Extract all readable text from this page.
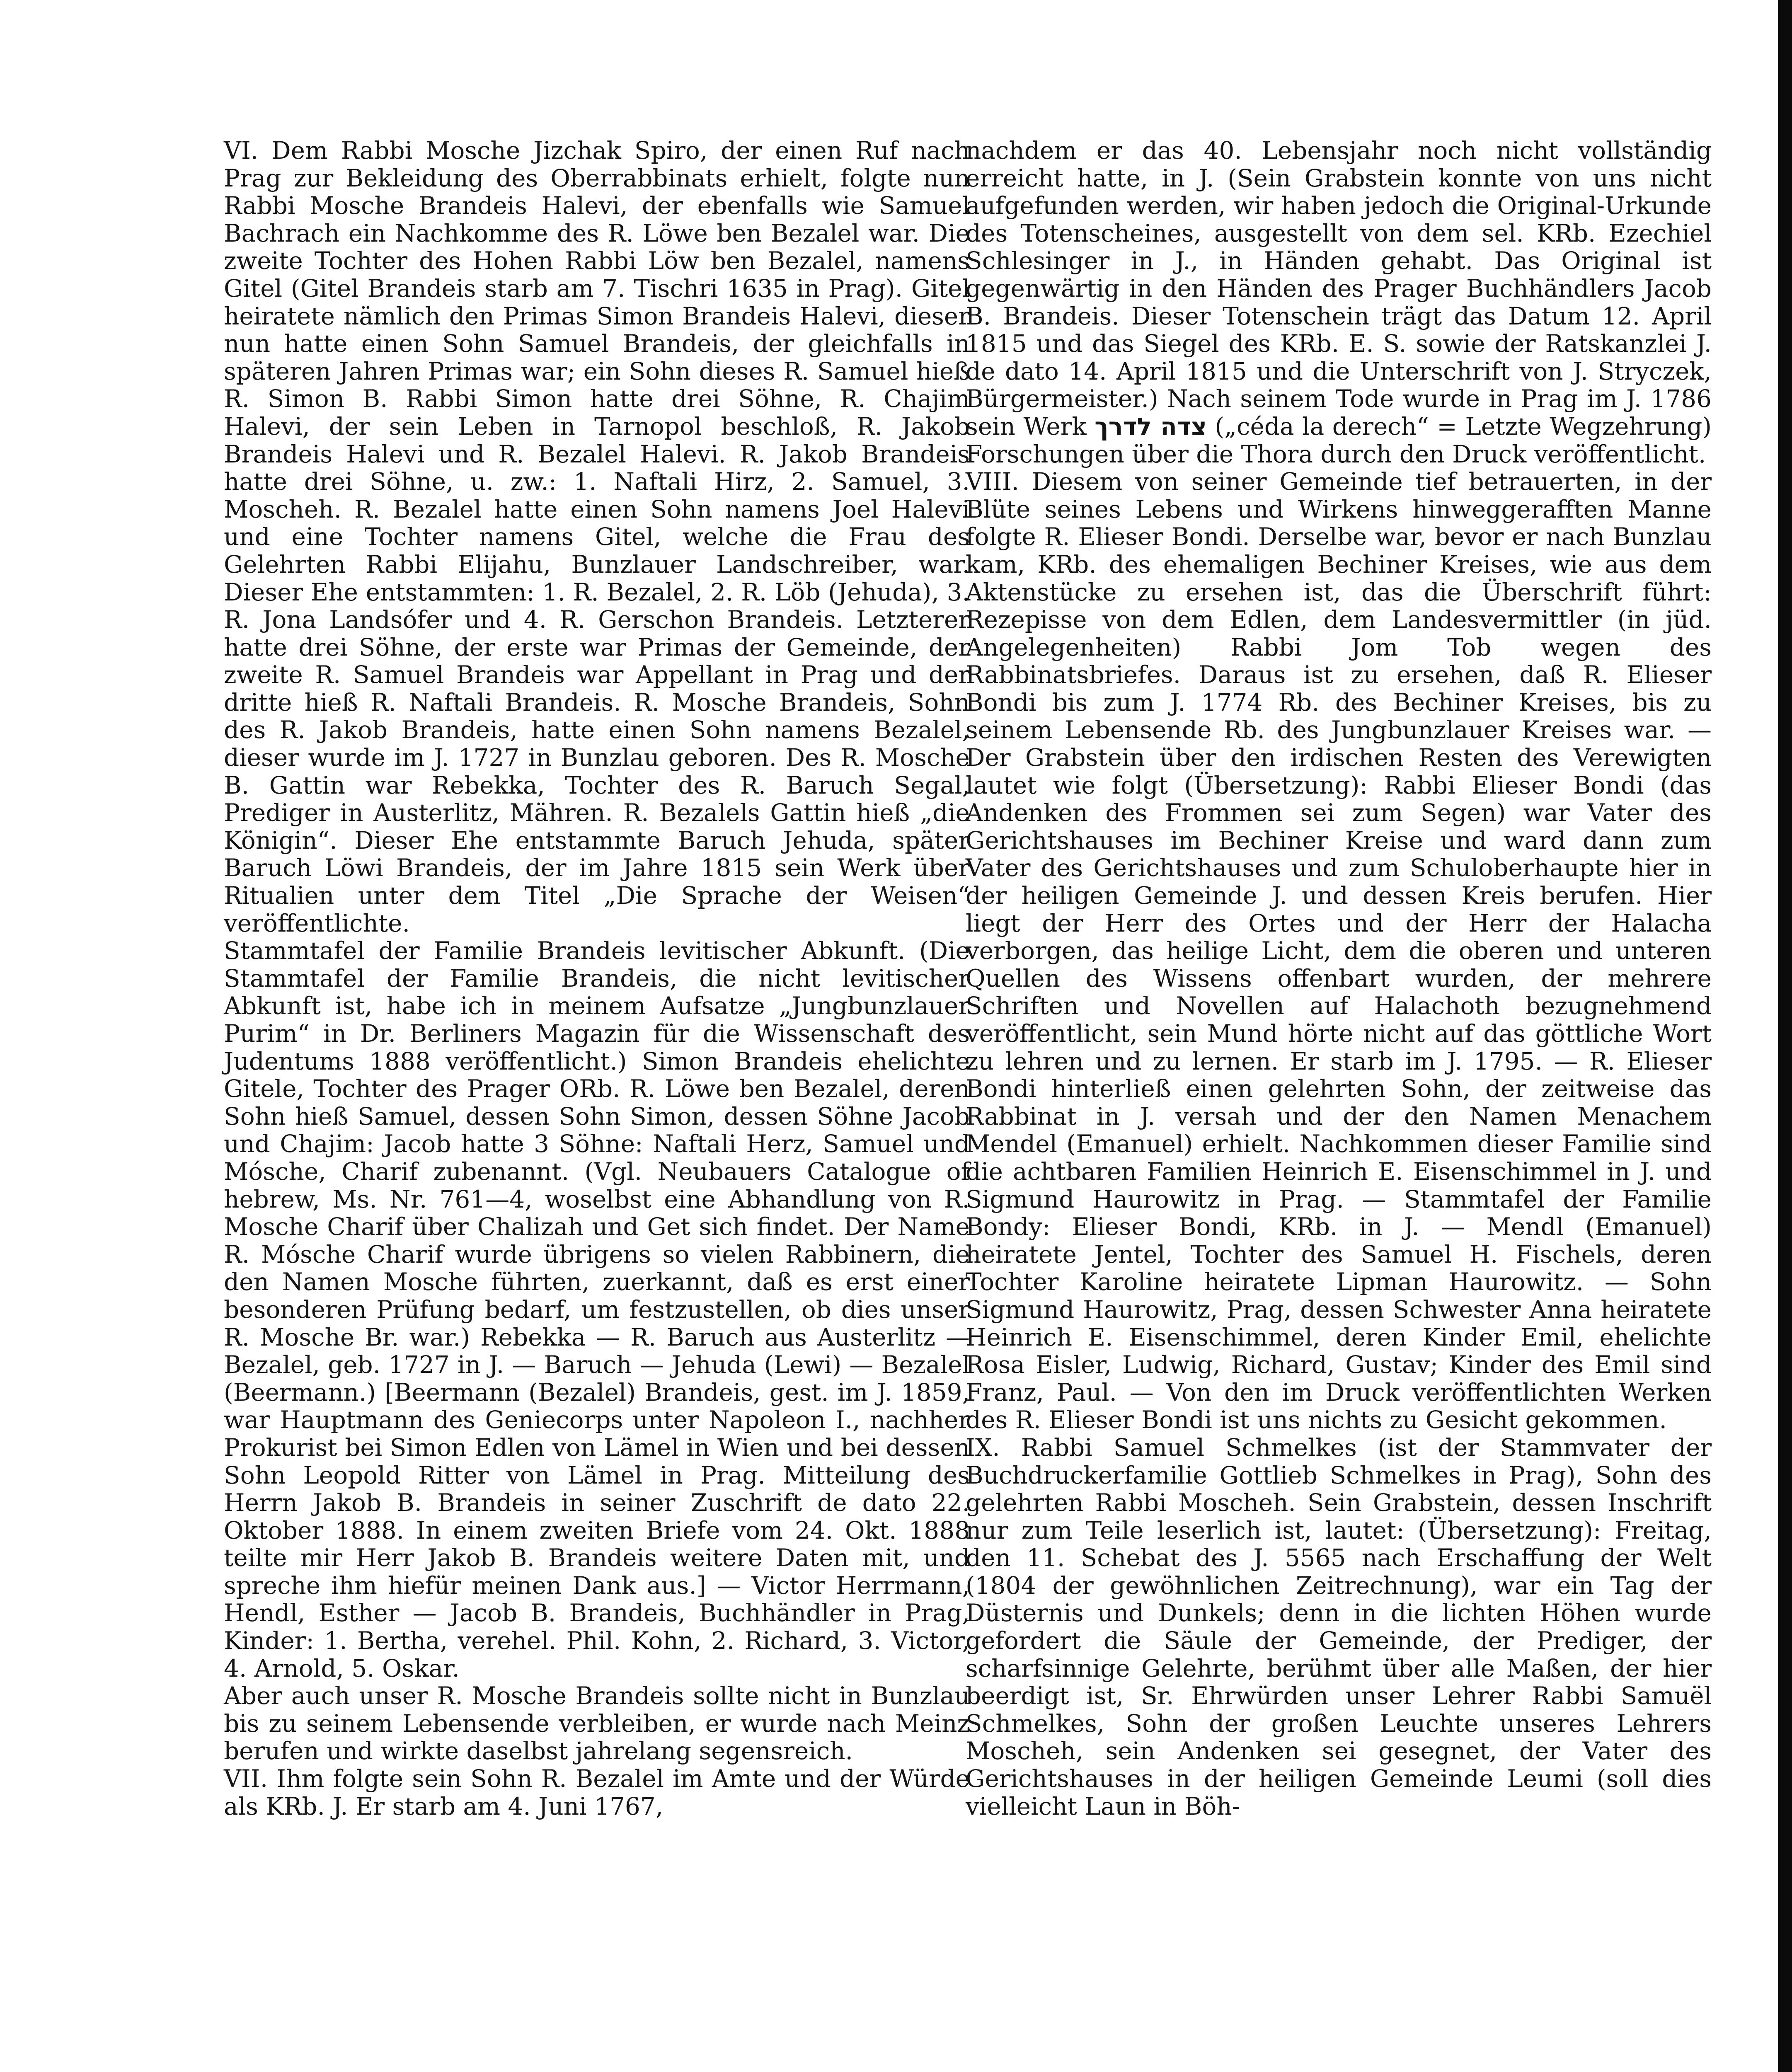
VI. Dem Rabbi Mosche Jizchak Spiro, der einen Ruf nach Prag zur Bekleidung des Oberrabbinats erhielt, folgte nun Rabbi Mosche Brandeis Halevi, der ebenfalls wie Samuel Bachrach ein Nachkomme des R. Löwe ben Bezalel war. Die zweite Tochter des Hohen Rabbi Löw ben Bezalel, namens Gitel (Gitel Brandeis starb am 7. Tischri 1635 in Prag). Gitel heiratete nämlich den Primas Simon Brandeis Halevi, dieser nun hatte einen Sohn Samuel Brandeis, der gleichfalls in späteren Jahren Primas war; ein Sohn dieses R. Samuel hieß R. Simon B. Rabbi Simon hatte drei Söhne, R. Chajim Halevi, der sein Leben in Tarnopol beschloß, R. Jakob Brandeis Halevi und R. Bezalel Halevi. R. Jakob Brandeis hatte drei Söhne, u. zw.: 1. Naftali Hirz, 2. Samuel, 3. Moscheh. R. Bezalel hatte einen Sohn namens Joel Halevi und eine Tochter namens Gitel, welche die Frau des Gelehrten Rabbi Elijahu, Bunzlauer Landschreiber, war. Dieser Ehe entstammten: 1. R. Bezalel, 2. R. Löb (Jehuda), 3. R. Jona Landsófer und 4. R. Gerschon Brandeis. Letzterer hatte drei Söhne, der erste war Primas der Gemeinde, der zweite R. Samuel Brandeis war Appellant in Prag und der dritte hieß R. Naftali Brandeis. R. Mosche Brandeis, Sohn des R. Jakob Brandeis, hatte einen Sohn namens Bezalel, dieser wurde im J. 1727 in Bunzlau geboren. Des R. Mosche B. Gattin war Rebekka, Tochter des R. Baruch Segal, Prediger in Austerlitz, Mähren. R. Bezalels Gattin hieß „die Königin“. Dieser Ehe entstammte Baruch Jehuda, später Baruch Löwi Brandeis, der im Jahre 1815 sein Werk über Ritualien unter dem Titel „Die Sprache der Weisen“ veröffentlichte.

Stammtafel der Familie Brandeis levitischer Abkunft. (Die Stammtafel der Familie Brandeis, die nicht levitischer Abkunft ist, habe ich in meinem Aufsatze „Jungbunzlauer Purim“ in Dr. Berliners Magazin für die Wissenschaft des Judentums 1888 veröffentlicht.) Simon Brandeis ehelichte Gitele, Tochter des Prager ORb. R. Löwe ben Bezalel, deren Sohn hieß Samuel, dessen Sohn Simon, dessen Söhne Jacob und Chajim: Jacob hatte 3 Söhne: Naftali Herz, Samuel und Mósche, Charif zubenannt. (Vgl. Neubauers Catalogue of hebrew, Ms. Nr. 761—4, woselbst eine Abhandlung von R. Mosche Charif über Chalizah und Get sich findet. Der Name R. Mósche Charif wurde übrigens so vielen Rabbinern, die den Namen Mosche führten, zuerkannt, daß es erst einer besonderen Prüfung bedarf, um festzustellen, ob dies unser R. Mosche Br. war.) Rebekka — R. Baruch aus Austerlitz — Bezalel, geb. 1727 in J. — Baruch — Jehuda (Lewi) — Bezalel (Beermann.) [Beermann (Bezalel) Brandeis, gest. im J. 1859, war Hauptmann des Geniecorps unter Napoleon I., nachher Prokurist bei Simon Edlen von Lämel in Wien und bei dessen Sohn Leopold Ritter von Lämel in Prag. Mitteilung des Herrn Jakob B. Brandeis in seiner Zuschrift de dato 22. Oktober 1888. In einem zweiten Briefe vom 24. Okt. 1888 teilte mir Herr Jakob B. Brandeis weitere Daten mit, und spreche ihm hiefür meinen Dank aus.] — Victor Herrmann, Hendl, Esther — Jacob B. Brandeis, Buchhändler in Prag, Kinder: 1. Bertha, verehel. Phil. Kohn, 2. Richard, 3. Victor, 4. Arnold, 5. Oskar.

Aber auch unser R. Mosche Brandeis sollte nicht in Bunzlau bis zu seinem Lebensende verbleiben, er wurde nach Meinz berufen und wirkte daselbst jahrelang segensreich.

VII. Ihm folgte sein Sohn R. Bezalel im Amte und der Würde als KRb. J. Er starb am 4. Juni 1767,

nachdem er das 40. Lebensjahr noch nicht vollständig erreicht hatte, in J. (Sein Grabstein konnte von uns nicht aufgefunden werden, wir haben jedoch die Original-Urkunde des Totenscheines, ausgestellt von dem sel. KRb. Ezechiel Schlesinger in J., in Händen gehabt. Das Original ist gegenwärtig in den Händen des Prager Buchhändlers Jacob B. Brandeis. Dieser Totenschein trägt das Datum 12. April 1815 und das Siegel des KRb. E. S. sowie der Ratskanzlei J. de dato 14. April 1815 und die Unterschrift von J. Stryczek, Bürgermeister.) Nach seinem Tode wurde in Prag im J. 1786 sein Werk צדה לדרך („céda la derech“ = Letzte Wegzehrung) Forschungen über die Thora durch den Druck veröffentlicht.

VIII. Diesem von seiner Gemeinde tief betrauerten, in der Blüte seines Lebens und Wirkens hinweggerafften Manne folgte R. Elieser Bondi. Derselbe war, bevor er nach Bunzlau kam, KRb. des ehemaligen Bechiner Kreises, wie aus dem Aktenstücke zu ersehen ist, das die Überschrift führt: Rezepisse von dem Edlen, dem Landesvermittler (in jüd. Angelegenheiten) Rabbi Jom Tob wegen des Rabbinatsbriefes. Daraus ist zu ersehen, daß R. Elieser Bondi bis zum J. 1774 Rb. des Bechiner Kreises, bis zu seinem Lebensende Rb. des Jungbunzlauer Kreises war. — Der Grabstein über den irdischen Resten des Verewigten lautet wie folgt (Übersetzung): Rabbi Elieser Bondi (das Andenken des Frommen sei zum Segen) war Vater des Gerichtshauses im Bechiner Kreise und ward dann zum Vater des Gerichtshauses und zum Schuloberhaupte hier in der heiligen Gemeinde J. und dessen Kreis berufen. Hier liegt der Herr des Ortes und der Herr der Halacha verborgen, das heilige Licht, dem die oberen und unteren Quellen des Wissens offenbart wurden, der mehrere Schriften und Novellen auf Halachoth bezugnehmend veröffentlicht, sein Mund hörte nicht auf das göttliche Wort zu lehren und zu lernen. Er starb im J. 1795. — R. Elieser Bondi hinterließ einen gelehrten Sohn, der zeitweise das Rabbinat in J. versah und der den Namen Menachem Mendel (Emanuel) erhielt. Nachkommen dieser Familie sind die achtbaren Familien Heinrich E. Eisenschimmel in J. und Sigmund Haurowitz in Prag. — Stammtafel der Familie Bondy: Elieser Bondi, KRb. in J. — Mendl (Emanuel) heiratete Jentel, Tochter des Samuel H. Fischels, deren Tochter Karoline heiratete Lipman Haurowitz. — Sohn Sigmund Haurowitz, Prag, dessen Schwester Anna heiratete Heinrich E. Eisenschimmel, deren Kinder Emil, ehelichte Rosa Eisler, Ludwig, Richard, Gustav; Kinder des Emil sind Franz, Paul. — Von den im Druck veröffentlichten Werken des R. Elieser Bondi ist uns nichts zu Gesicht gekommen.

IX. Rabbi Samuel Schmelkes (ist der Stammvater der Buchdruckerfamilie Gottlieb Schmelkes in Prag), Sohn des gelehrten Rabbi Moscheh. Sein Grabstein, dessen Inschrift nur zum Teile leserlich ist, lautet: (Übersetzung): Freitag, den 11. Schebat des J. 5565 nach Erschaffung der Welt (1804 der gewöhnlichen Zeitrechnung), war ein Tag der Düsternis und Dunkels; denn in die lichten Höhen wurde gefordert die Säule der Gemeinde, der Prediger, der scharfsinnige Gelehrte, berühmt über alle Maßen, der hier beerdigt ist, Sr. Ehrwürden unser Lehrer Rabbi Samuël Schmelkes, Sohn der großen Leuchte unseres Lehrers Moscheh, sein Andenken sei gesegnet, der Vater des Gerichtshauses in der heiligen Gemeinde Leumi (soll dies vielleicht Laun in Böh-
